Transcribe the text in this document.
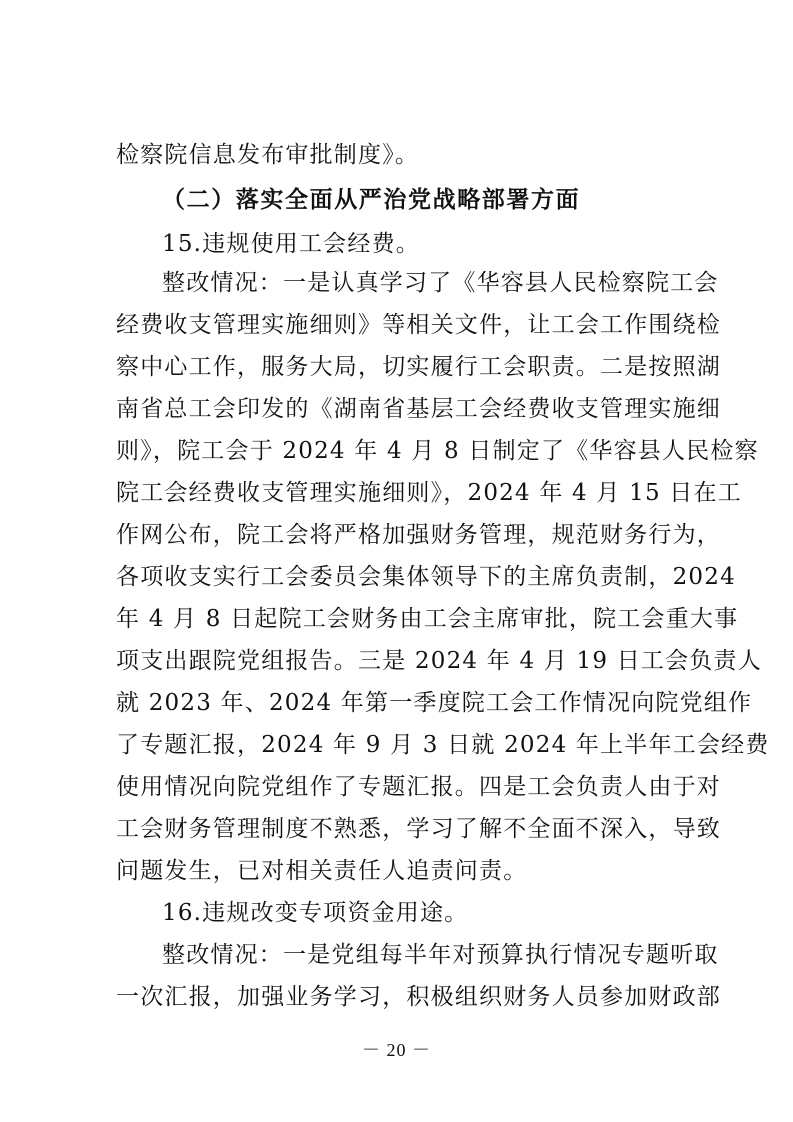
检察院信息发布审批制度》。
（二）落实全面从严治党战略部署方面
15.违规使用工会经费。
整改情况：一是认真学习了《华容县人民检察院工会
经费收支管理实施细则》等相关文件，让工会工作围绕检
察中心工作，服务大局，切实履行工会职责。二是按照湖
南省总工会印发的《湖南省基层工会经费收支管理实施细
则》，院工会于 2024 年 4 月 8 日制定了《华容县人民检察
院工会经费收支管理实施细则》，2024 年 4 月 15 日在工
作网公布，院工会将严格加强财务管理，规范财务行为，
各项收支实行工会委员会集体领导下的主席负责制，2024
年 4 月 8 日起院工会财务由工会主席审批，院工会重大事
项支出跟院党组报告。三是 2024 年 4 月 19 日工会负责人
就 2023 年、2024 年第一季度院工会工作情况向院党组作
了专题汇报，2024 年 9 月 3 日就 2024 年上半年工会经费
使用情况向院党组作了专题汇报。四是工会负责人由于对
工会财务管理制度不熟悉，学习了解不全面不深入，导致
问题发生，已对相关责任人追责问责。
16.违规改变专项资金用途。
整改情况：一是党组每半年对预算执行情况专题听取
一次汇报，加强业务学习，积极组织财务人员参加财政部
－ 20 －
